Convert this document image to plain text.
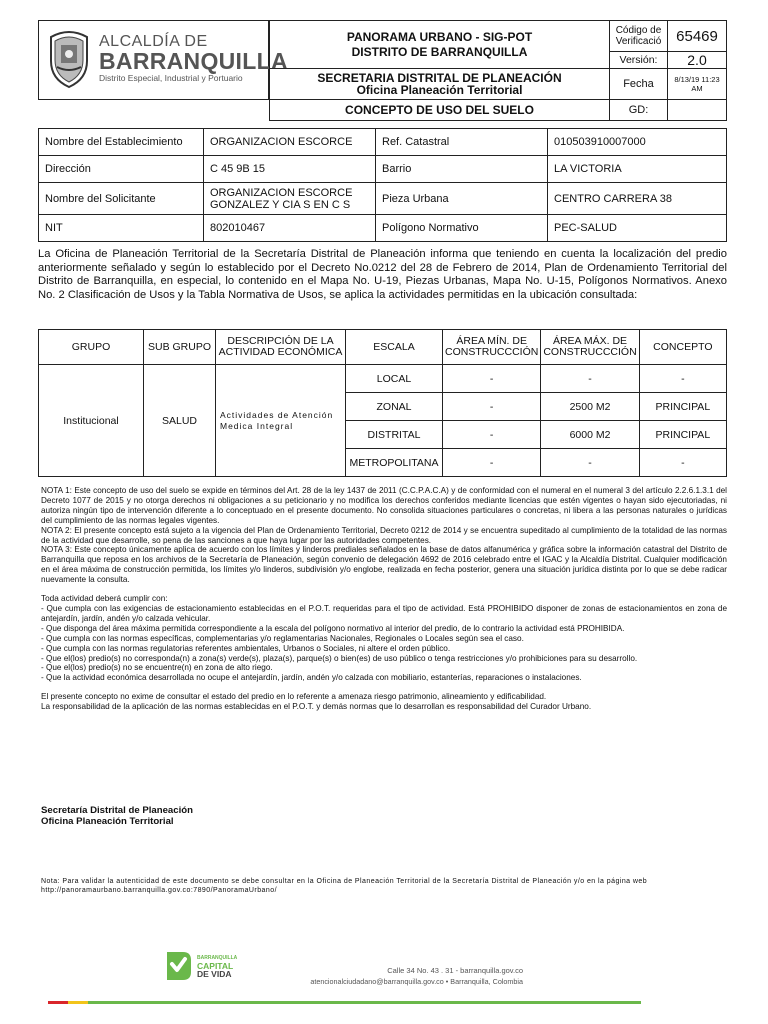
ALCALDÍA DE
BARRANQUILLA
Distrito Especial, Industrial y Portuario
PANORAMA URBANO - SIG-POT
DISTRITO DE BARRANQUILLA	Código de Verificació	65469
	Versión:	2.0

SECRETARIA DISTRITAL DE PLANEACIÓN
Oficina Planeación Territorial	Fecha	8/13/19 11:23 AM
CONCEPTO DE USO DEL SUELO	GD:	
Nombre del Establecimiento	ORGANIZACION ESCORCE	Ref. Catastral	010503910007000
Dirección	C 45 9B 15	Barrio	LA VICTORIA
Nombre del Solicitante	ORGANIZACION ESCORCE GONZALEZ Y CIA S EN C S	Pieza Urbana	CENTRO CARRERA 38
NIT	802010467	Polígono Normativo	PEC-SALUD
La Oficina de Planeación Territorial de la Secretaría Distrital de Planeación informa que teniendo en cuenta la localización del predio anteriormente señalado y según lo establecido por el Decreto No.0212 del 28 de Febrero de 2014, Plan de Ordenamiento Territorial del Distrito de Barranquilla, en especial, lo contenido en el Mapa No. U-19, Piezas Urbanas, Mapa No. U-15, Polígonos Normativos. Anexo No. 2 Clasificación de Usos y la Tabla Normativa de Usos, se aplica la actividades permitidas en la ubicación consultada:
GRUPO	SUB GRUPO	DESCRIPCIÓN DE LA ACTIVIDAD ECONÓMICA	ESCALA	ÁREA MÍN. DE CONSTRUCCCIÓN	ÁREA MÁX. DE CONSTRUCCCIÓN	CONCEPTO
Institucional	SALUD	Actividades de Atención Medica Integral	LOCAL	-	-	-
			ZONAL	-	2500 M2	PRINCIPAL
			DISTRITAL	-	6000 M2	PRINCIPAL
			METROPOLITANA	-	-	-

NOTA 1: Este concepto de uso del suelo se expide en términos del Art. 28 de la ley 1437 de 2011 (C.C.P.A.C.A) y de conformidad con el numeral en el numeral 3 del artículo 2.2.6.1.3.1 del Decreto 1077 de 2015 y no otorga derechos ni obligaciones a su peticionario y no modifica los derechos conferidos mediante licencias que estén vigentes o hayan sido ejecutoriadas, ni autoriza ningún tipo de intervención diferente a lo conceptuado en el presente documento. No consolida situaciones particulares o concretas, ni libera a las personas naturales o jurídicas del cumplimiento de las normas legales vigentes.

NOTA 2: El presente concepto está sujeto a la vigencia del Plan de Ordenamiento Territorial, Decreto 0212 de 2014 y se encuentra supeditado al cumplimiento de la totalidad de las normas de la actividad que desarrolle, so pena de las sanciones a que haya lugar por las autoridades competentes.

NOTA 3: Este concepto únicamente aplica de acuerdo con los límites y linderos prediales señalados en la base de datos alfanumérica y gráfica sobre la información catastral del Distrito de Barranquilla que reposa en los archivos de la Secretaría de Planeación, según convenio de delegación 4692 de 2016 celebrado entre el IGAC y la Alcaldía Distrital. Cualquier modificación en el área máxima de construcción permitida, los límites y/o linderos, subdivisión y/o englobe, realizada en fecha posterior, genera una situación jurídica distinta por lo que se debe radicar nuevamente la consulta.

Toda actividad deberá cumplir con:

- Que cumpla con las exigencias de estacionamiento establecidas en el P.O.T. requeridas para el tipo de actividad. Está PROHIBIDO disponer de zonas de estacionamientos en zona de antejardín, jardín, andén y/o calzada vehicular.

- Que disponga del área máxima permitida correspondiente a la escala del polígono normativo al interior del predio, de lo contrario la actividad está PROHIBIDA.

- Que cumpla con las normas específicas, complementarias y/o reglamentarias Nacionales, Regionales o Locales según sea el caso.

- Que cumpla con las normas regulatorias referentes ambientales, Urbanos o Sociales, ni altere el orden público.

- Que el(los) predio(s) no corresponda(n) a zona(s) verde(s), plaza(s), parque(s) o bien(es) de uso público o tenga restricciones y/o prohibiciones para su desarrollo.

- Que el(los) predio(s) no se encuentre(n) en zona de alto riego.

- Que la actividad económica desarrollada no ocupe el antejardín, jardín, andén y/o calzada con mobiliario, estanterías, reparaciones o instalaciones.

El presente concepto no exime de consultar el estado del predio en lo referente a amenaza riesgo patrimonio, alineamiento y edificabilidad.

La responsabilidad de la aplicación de las normas establecidas en el P.O.T. y demás normas que lo desarrollan es responsabilidad del Curador Urbano.

Secretaría Distrital de Planeación
Oficina Planeación Territorial
Nota: Para validar la autenticidad de este documento se debe consultar en la Oficina de Planeación Territorial de la Secretaría Distrital de Planeación y/o en la página web http://panoramaurbano.barranquilla.gov.co:7890/PanoramaUrbano/
BARRANQUILLA
CAPITAL
DE VIDA	Calle 34 No. 43 . 31 - barranquilla.gov.co
atencionalciudadano@barranquilla.gov.co • Barranquilla, Colombia
